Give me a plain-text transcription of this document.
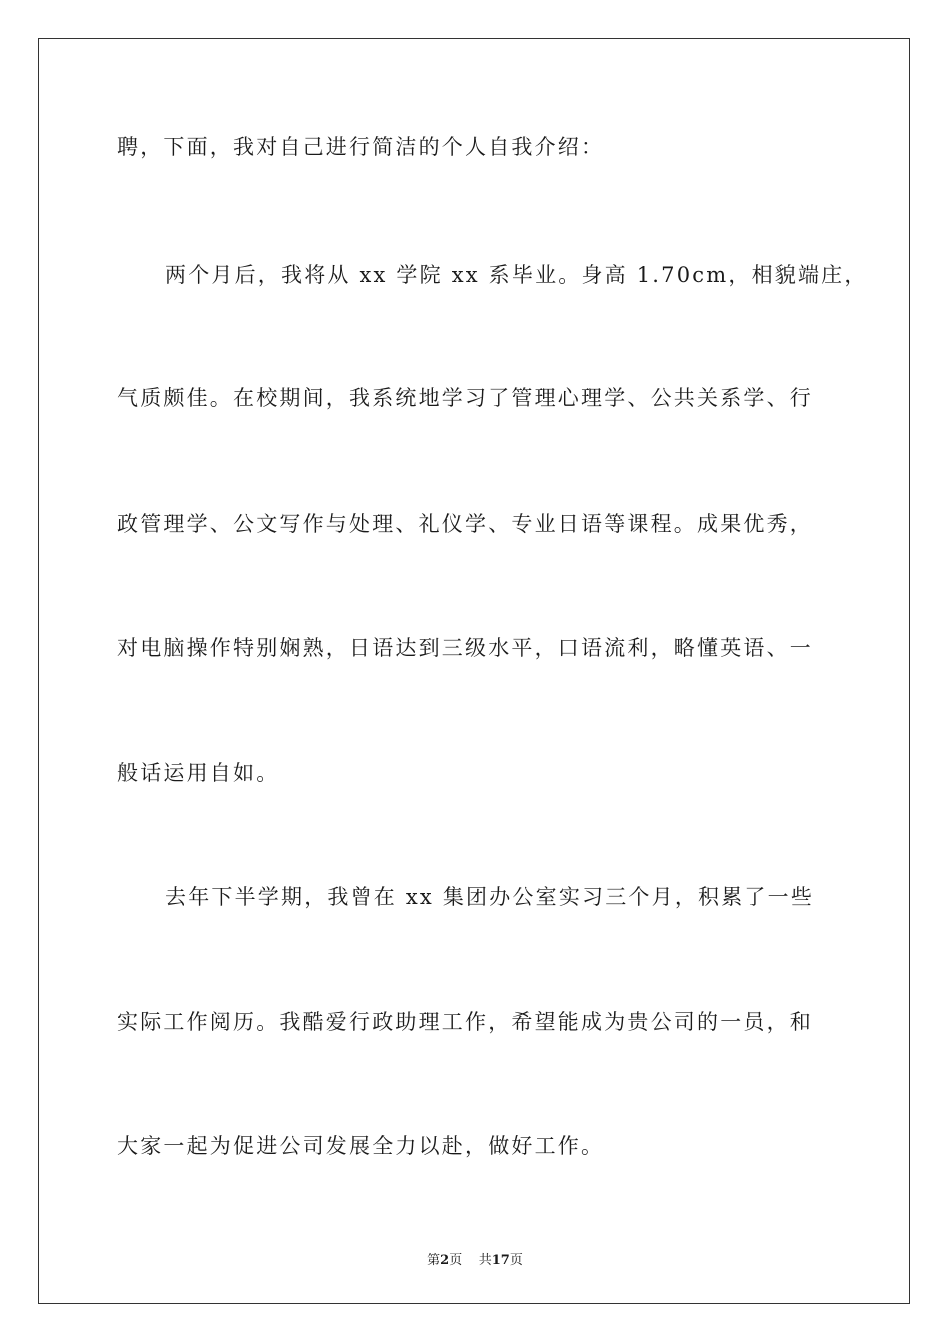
聘，下面，我对自己进行简洁的个人自我介绍：
两个月后，我将从 xx 学院 xx 系毕业。身高 1.70cm，相貌端庄，
气质颇佳。在校期间，我系统地学习了管理心理学、公共关系学、行
政管理学、公文写作与处理、礼仪学、专业日语等课程。成果优秀，
对电脑操作特别娴熟，日语达到三级水平，口语流利，略懂英语、一
般话运用自如。
去年下半学期，我曾在 xx 集团办公室实习三个月，积累了一些
实际工作阅历。我酷爱行政助理工作，希望能成为贵公司的一员，和
大家一起为促进公司发展全力以赴，做好工作。
第2页 共17页
